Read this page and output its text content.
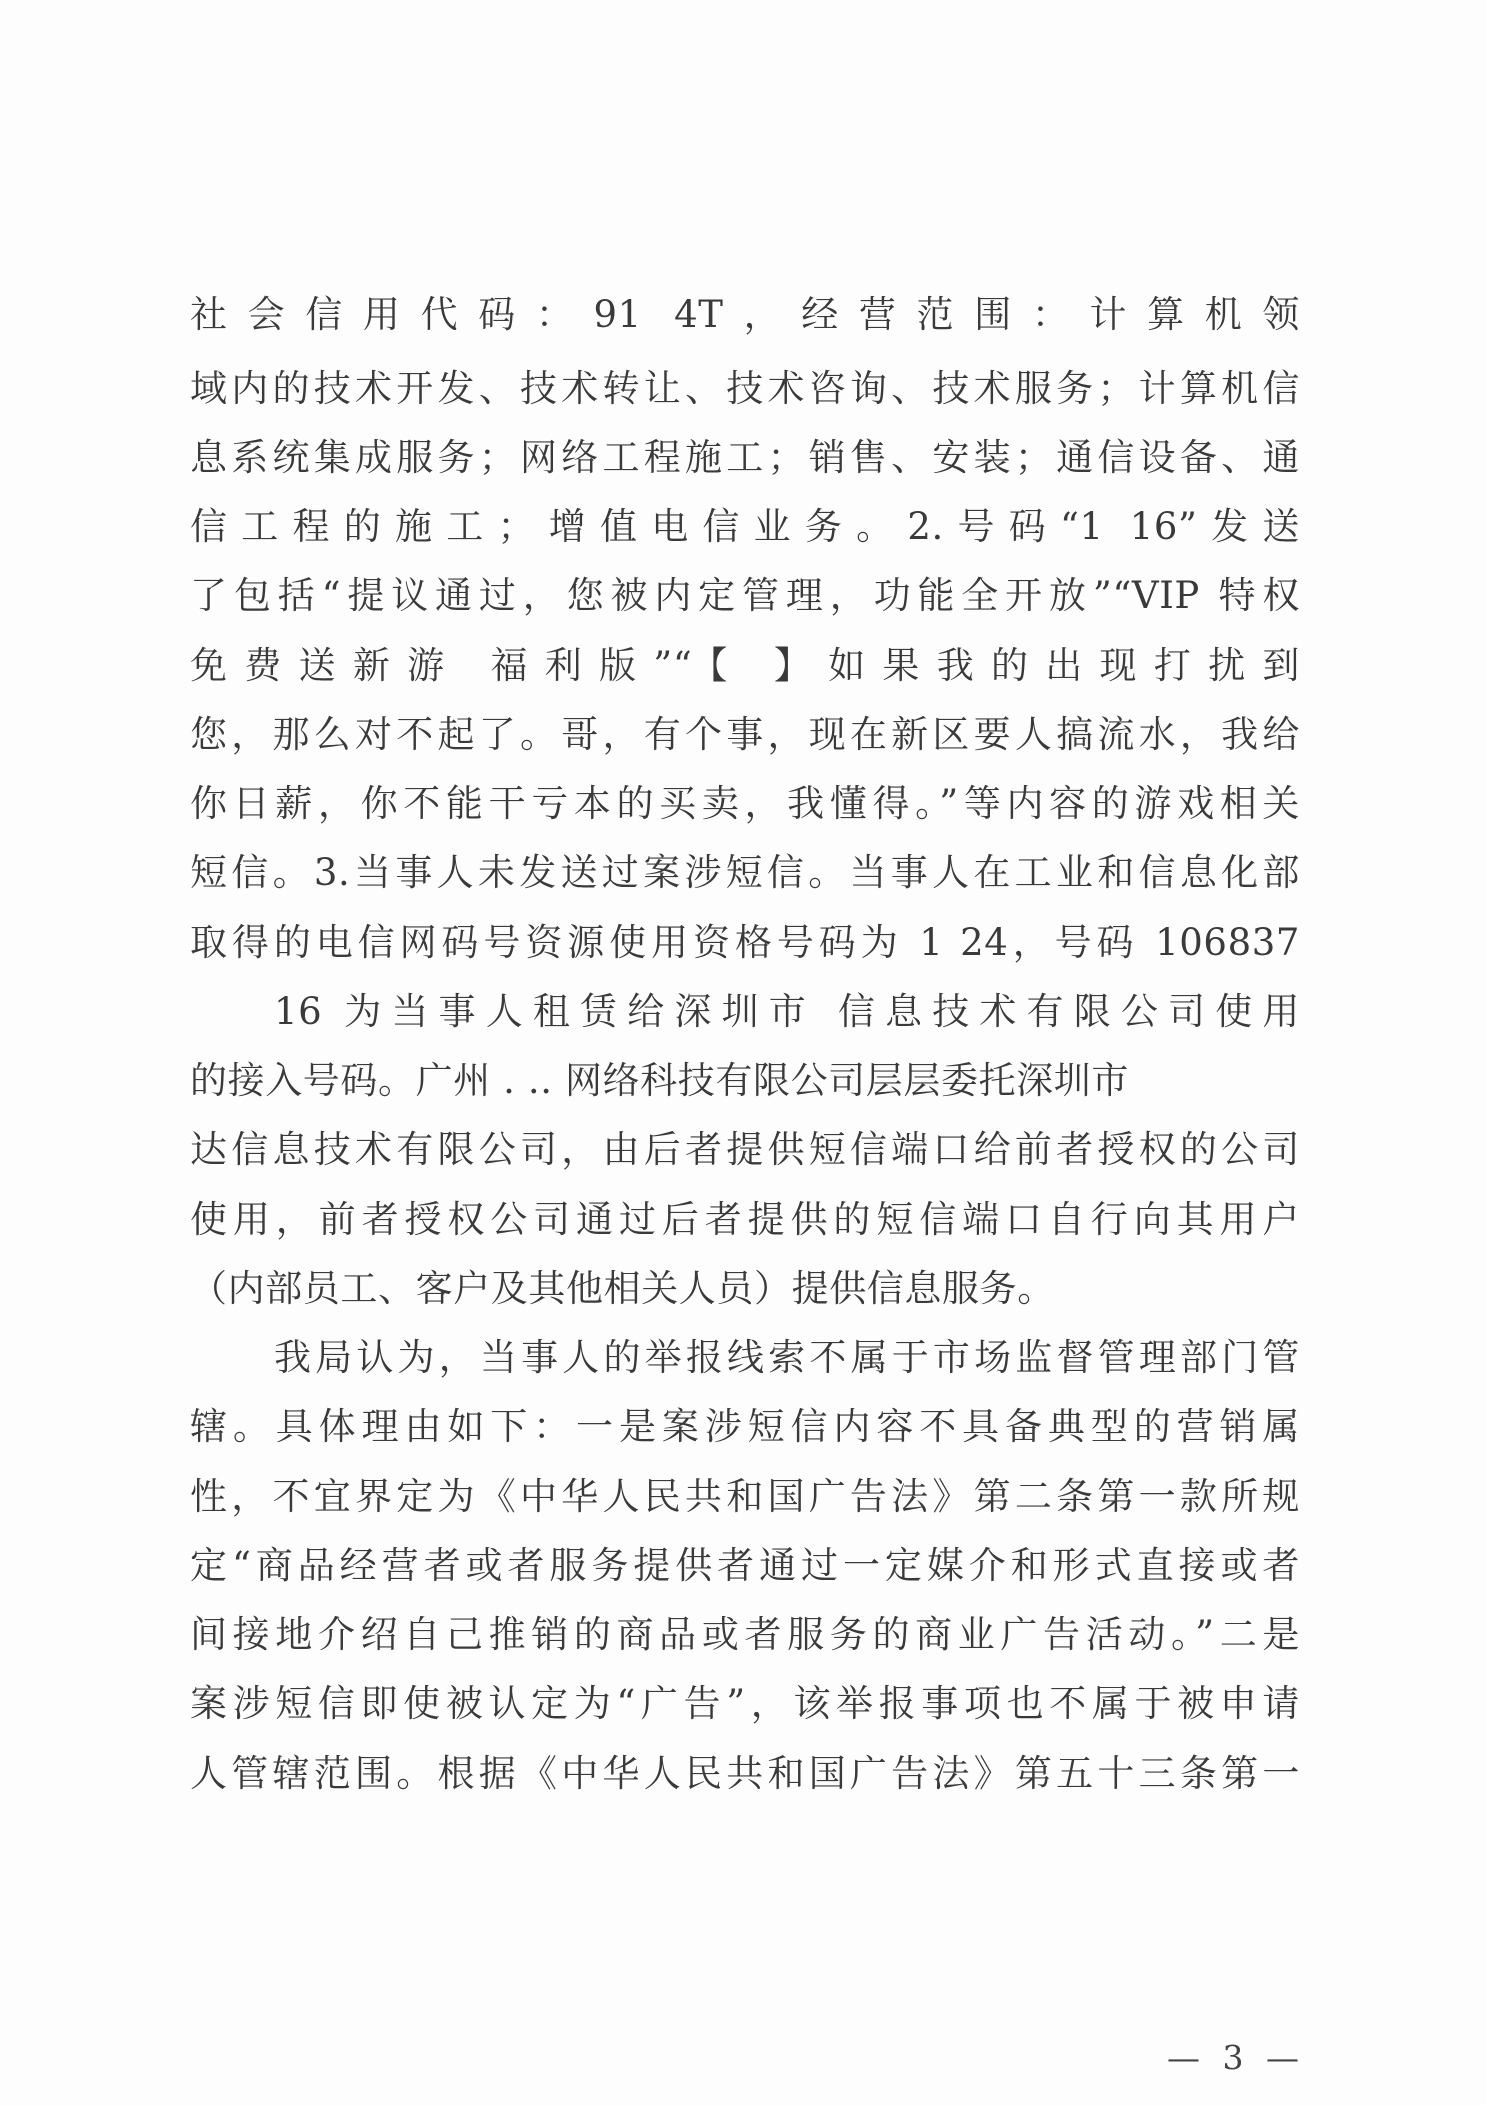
社会信用代码：91 4T，经营范围：计算机领
域内的技术开发、技术转让、技术咨询、技术服务；计算机信
息系统集成服务；网络工程施工；销售、安装；通信设备、通
信工程的施工；增值电信业务。2.号码“1 16”发送
了包括“提议通过，您被内定管理，功能全开放”“VIP 特权
免费送新游 福利版”“【 】如果我的出现打扰到
您，那么对不起了。哥，有个事，现在新区要人搞流水，我给
你日薪，你不能干亏本的买卖，我懂得。”等内容的游戏相关
短信。3.当事人未发送过案涉短信。当事人在工业和信息化部
取得的电信网码号资源使用资格号码为 1 24，号码 106837
16 为当事人租赁给深圳市 信息技术有限公司使用
的接入号码。广州 . .. 网络科技有限公司层层委托深圳市
达信息技术有限公司，由后者提供短信端口给前者授权的公司
使用，前者授权公司通过后者提供的短信端口自行向其用户
（内部员工、客户及其他相关人员）提供信息服务。
我局认为，当事人的举报线索不属于市场监督管理部门管
辖。具体理由如下：一是案涉短信内容不具备典型的营销属
性，不宜界定为《中华人民共和国广告法》第二条第一款所规
定“商品经营者或者服务提供者通过一定媒介和形式直接或者
间接地介绍自己推销的商品或者服务的商业广告活动。”二是
案涉短信即使被认定为“广告”，该举报事项也不属于被申请
人管辖范围。根据《中华人民共和国广告法》第五十三条第一
— 3 —
